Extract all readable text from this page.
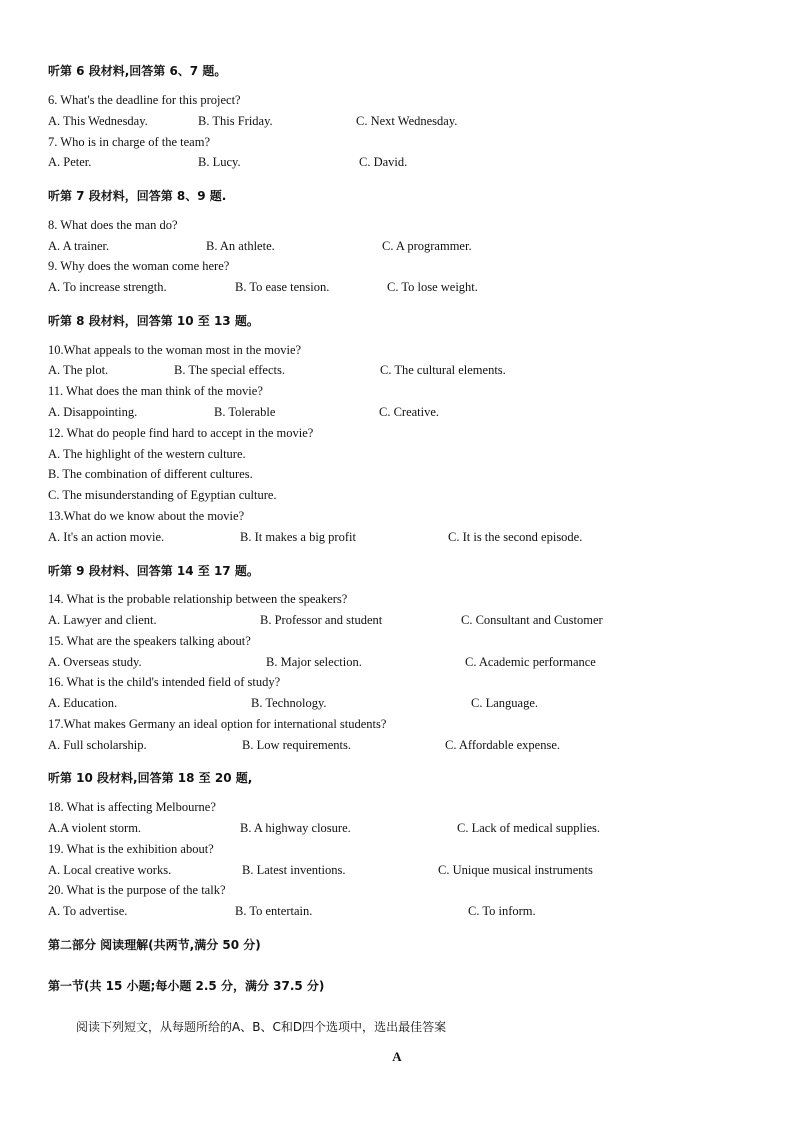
听第 6 段材料,回答第 6、7 题。
6. What's the deadline for this project?
A. This Wednesday.	B. This Friday.	C. Next Wednesday.
7. Who is in charge of the team?
A. Peter.	B. Lucy.	C. David.
听第 7 段材料，回答第 8、9 题.
8. What does the man do?
A. A trainer.	B. An athlete.	C. A programmer.
9. Why does the woman come here?
A. To increase strength.	B. To ease tension.	C. To lose weight.
听第 8 段材料，回答第 10 至 13 题。
10.What appeals to the woman most in the movie?
A. The plot.	B. The special effects.	C. The cultural elements.
11. What does the man think of the movie?
A. Disappointing.	B. Tolerable	C. Creative.
12. What do people find hard to accept in the movie?
A. The highlight of the western culture.
B. The combination of different cultures.
C. The misunderstanding of Egyptian culture.
13.What do we know about the movie?
A. It's an action movie.	B. It makes a big profit	C. It is the second episode.
听第 9 段材料、回答第 14 至 17 题。
14. What is the probable relationship between the speakers?
A. Lawyer and client.	B. Professor and student	C. Consultant and Customer
15. What are the speakers talking about?
A. Overseas study.	B. Major selection.	C. Academic performance
16. What is the child's intended field of study?
A. Education.	B. Technology.	C. Language.
17.What makes Germany an ideal option for international students?
A. Full scholarship.	B. Low requirements.	C. Affordable expense.
听第 10 段材料,回答第 18 至 20 题,
18. What is affecting Melbourne?
A.A violent storm.	B. A highway closure.	C. Lack of medical supplies.
19. What is the exhibition about?
A. Local creative works.	B. Latest inventions.	C. Unique musical instruments
20. What is the purpose of the talk?
A. To advertise.	B. To entertain.	C. To inform.
第二部分 阅读理解(共两节,满分 50 分)
第一节(共 15 小题;每小题 2.5 分，满分 37.5 分)
阅读下列短文，从每题所给的A、B、C和D四个选项中，选出最佳答案
A
